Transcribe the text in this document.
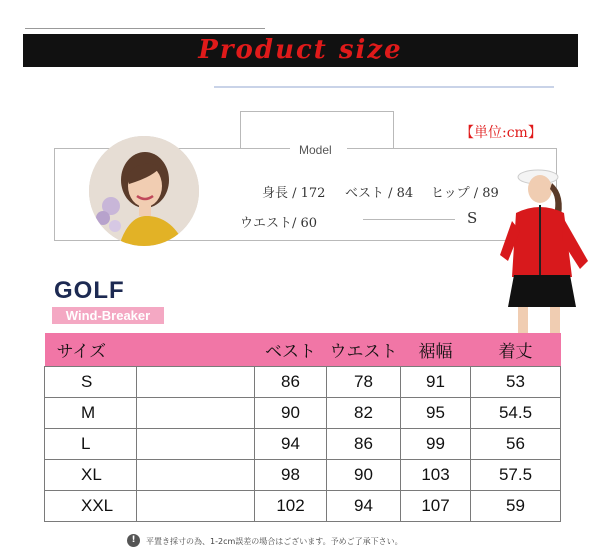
Product size
Model
【単位:cm】
身長 / 172 ベスト / 84 ヒップ / 89
ウエスト/ 60	S
GOLF
Wind-Breaker
サイズ		ベスト	ウエスト	裾幅	着丈
S		86	78	91	53
M		90	82	95	54.5
L		94	86	99	56
XL		98	90	103	57.5
XXL		102	94	107	59
!	平置き採寸の為、1-2cm誤差の場合はございます。予めご了承下さい。
